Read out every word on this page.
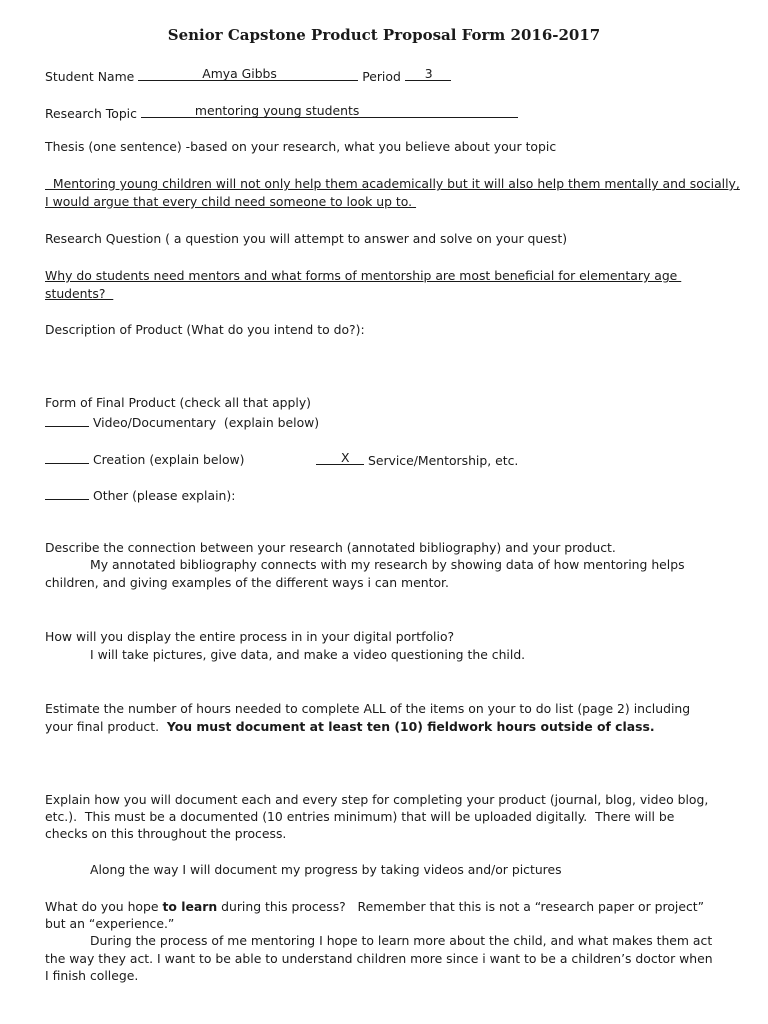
Senior Capstone Product Proposal Form 2016-2017
Student Name	Amya Gibbs	Period 3
Research Topic	mentoring young students
Thesis (one sentence) -based on your research, what you believe about your topic
Mentoring young children will not only help them academically but it will also help them mentally and socially,
I would argue that every child need someone to look up to.
Research Question ( a question you will attempt to answer and solve on your quest)
Why do students need mentors and what forms of mentorship are most beneficial for elementary age
students?
Description of Product (What do you intend to do?):
Form of Final Product (check all that apply)
Video/Documentary  (explain below)
Creation (explain below)	X Service/Mentorship, etc.
Other (please explain):
Describe the connection between your research (annotated bibliography) and your product.
My annotated bibliography connects with my research by showing data of how mentoring helps
children, and giving examples of the different ways i can mentor.
How will you display the entire process in in your digital portfolio?
I will take pictures, give data, and make a video questioning the child.
Estimate the number of hours needed to complete ALL of the items on your to do list (page 2) including
your final product.  You must document at least ten (10) fieldwork hours outside of class.
Explain how you will document each and every step for completing your product (journal, blog, video blog,
etc.).  This must be a documented (10 entries minimum) that will be uploaded digitally.  There will be
checks on this throughout the process.
Along the way I will document my progress by taking videos and/or pictures
What do you hope to learn during this process?   Remember that this is not a “research paper or project”
but an “experience.”
During the process of me mentoring I hope to learn more about the child, and what makes them act
the way they act. I want to be able to understand children more since i want to be a children’s doctor when
I finish college.
